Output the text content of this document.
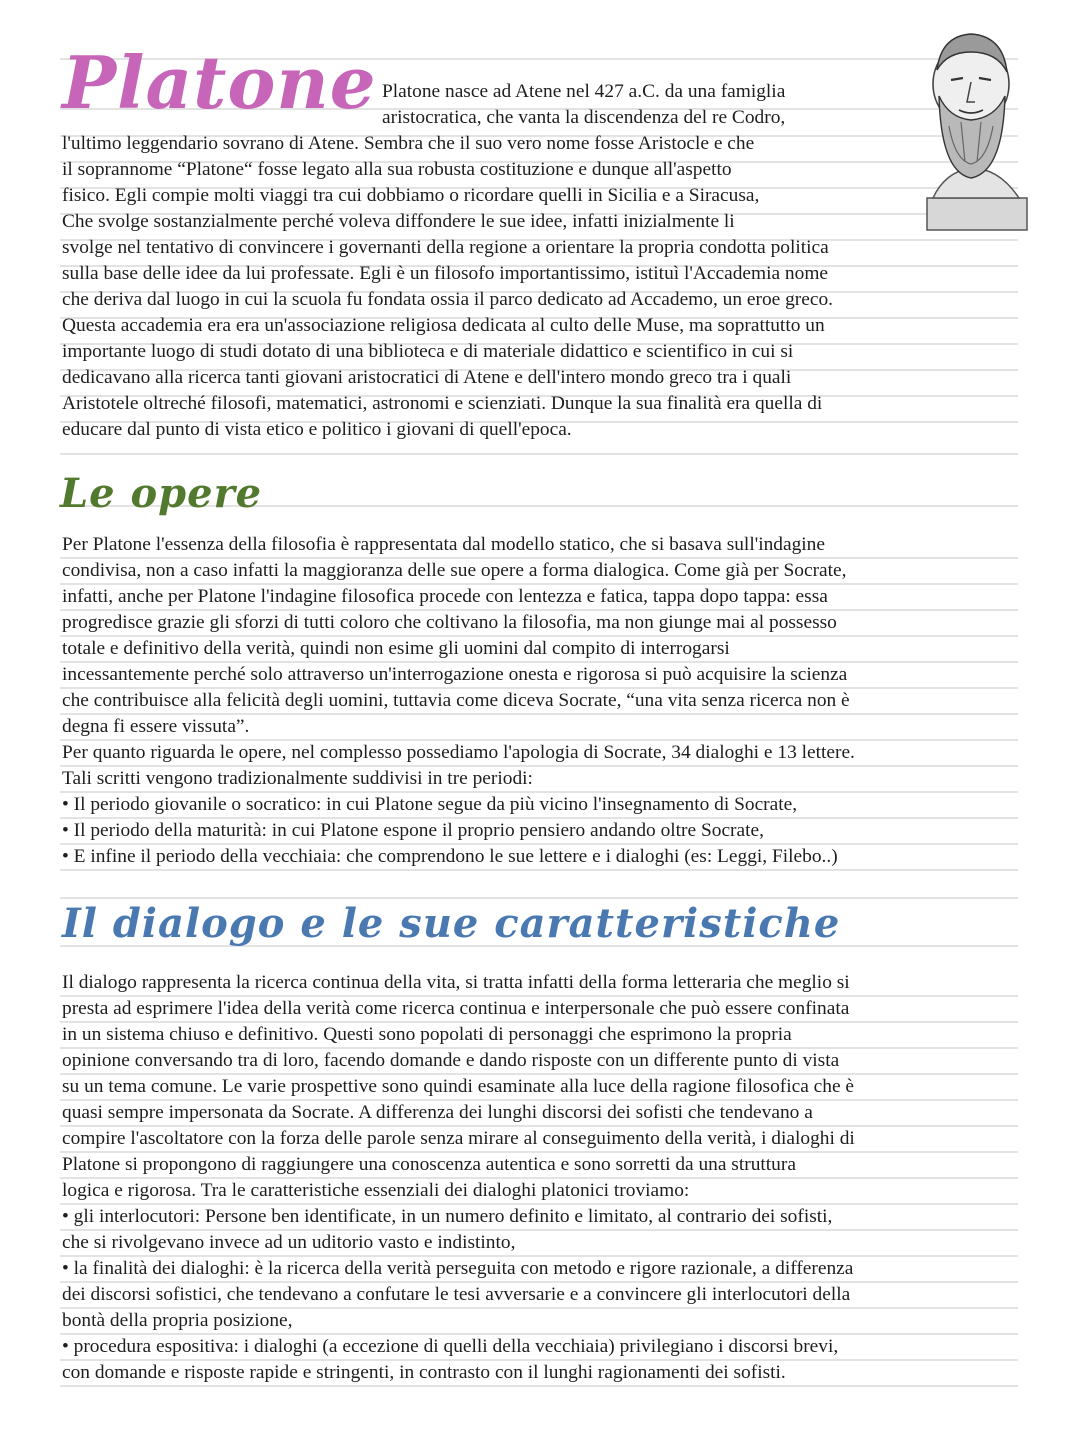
Platone Platone nasce ad Atene nel 427 a.C. da una famiglia
aristocratica, che vanta la discendenza del re Codro,

l'ultimo leggendario sovrano di Atene. Sembra che il suo vero nome fosse Aristocle e che
il soprannome “Platone“ fosse legato alla sua robusta costituzione e dunque all'aspetto
fisico. Egli compie molti viaggi tra cui dobbiamo o ricordare quelli in Sicilia e a Siracusa,
Che svolge sostanzialmente perché voleva diffondere le sue idee, infatti inizialmente li
svolge nel tentativo di convincere i governanti della regione a orientare la propria condotta politica
sulla base delle idee da lui professate. Egli è un filosofo importantissimo, istituì l'Accademia nome
che deriva dal luogo in cui la scuola fu fondata ossia il parco dedicato ad Accademo, un eroe greco.
Questa accademia era era un'associazione religiosa dedicata al culto delle Muse, ma soprattutto un
importante luogo di studi dotato di una biblioteca e di materiale didattico e scientifico in cui si
dedicavano alla ricerca tanti giovani aristocratici di Atene e dell'intero mondo greco tra i quali
Aristotele oltreché filosofi, matematici, astronomi e scienziati. Dunque la sua finalità era quella di
educare dal punto di vista etico e politico i giovani di quell'epoca.

Le opere

Per Platone l'essenza della filosofia è rappresentata dal modello statico, che si basava sull'indagine
condivisa, non a caso infatti la maggioranza delle sue opere a forma dialogica. Come già per Socrate,
infatti, anche per Platone l'indagine filosofica procede con lentezza e fatica, tappa dopo tappa: essa
progredisce grazie gli sforzi di tutti coloro che coltivano la filosofia, ma non giunge mai al possesso
totale e definitivo della verità, quindi non esime gli uomini dal compito di interrogarsi
incessantemente perché solo attraverso un'interrogazione onesta e rigorosa si può acquisire la scienza
che contribuisce alla felicità degli uomini, tuttavia come diceva Socrate, “una vita senza ricerca non è
degna fi essere vissuta”.
Per quanto riguarda le opere, nel complesso possediamo l'apologia di Socrate, 34 dialoghi e 13 lettere.
Tali scritti vengono tradizionalmente suddivisi in tre periodi:
• Il periodo giovanile o socratico: in cui Platone segue da più vicino l'insegnamento di Socrate,
• Il periodo della maturità: in cui Platone espone il proprio pensiero andando oltre Socrate,
• E infine il periodo della vecchiaia: che comprendono le sue lettere e i dialoghi (es: Leggi, Filebo..)

Il dialogo e le sue caratteristiche

Il dialogo rappresenta la ricerca continua della vita, si tratta infatti della forma letteraria che meglio si
presta ad esprimere l'idea della verità come ricerca continua e interpersonale che può essere confinata
in un sistema chiuso e definitivo. Questi sono popolati di personaggi che esprimono la propria
opinione conversando tra di loro, facendo domande e dando risposte con un differente punto di vista
su un tema comune. Le varie prospettive sono quindi esaminate alla luce della ragione filosofica che è
quasi sempre impersonata da Socrate. A differenza dei lunghi discorsi dei sofisti che tendevano a
compire l'ascoltatore con la forza delle parole senza mirare al conseguimento della verità, i dialoghi di
Platone si propongono di raggiungere una conoscenza autentica e sono sorretti da una struttura
logica e rigorosa. Tra le caratteristiche essenziali dei dialoghi platonici troviamo:
• gli interlocutori: Persone ben identificate, in un numero definito e limitato, al contrario dei sofisti,
che si rivolgevano invece ad un uditorio vasto e indistinto,
• la finalità dei dialoghi: è la ricerca della verità perseguita con metodo e rigore razionale, a differenza
dei discorsi sofistici, che tendevano a confutare le tesi avversarie e a convincere gli interlocutori della
bontà della propria posizione,
• procedura espositiva: i dialoghi (a eccezione di quelli della vecchiaia) privilegiano i discorsi brevi,
con domande e risposte rapide e stringenti, in contrasto con il lunghi ragionamenti dei sofisti.
